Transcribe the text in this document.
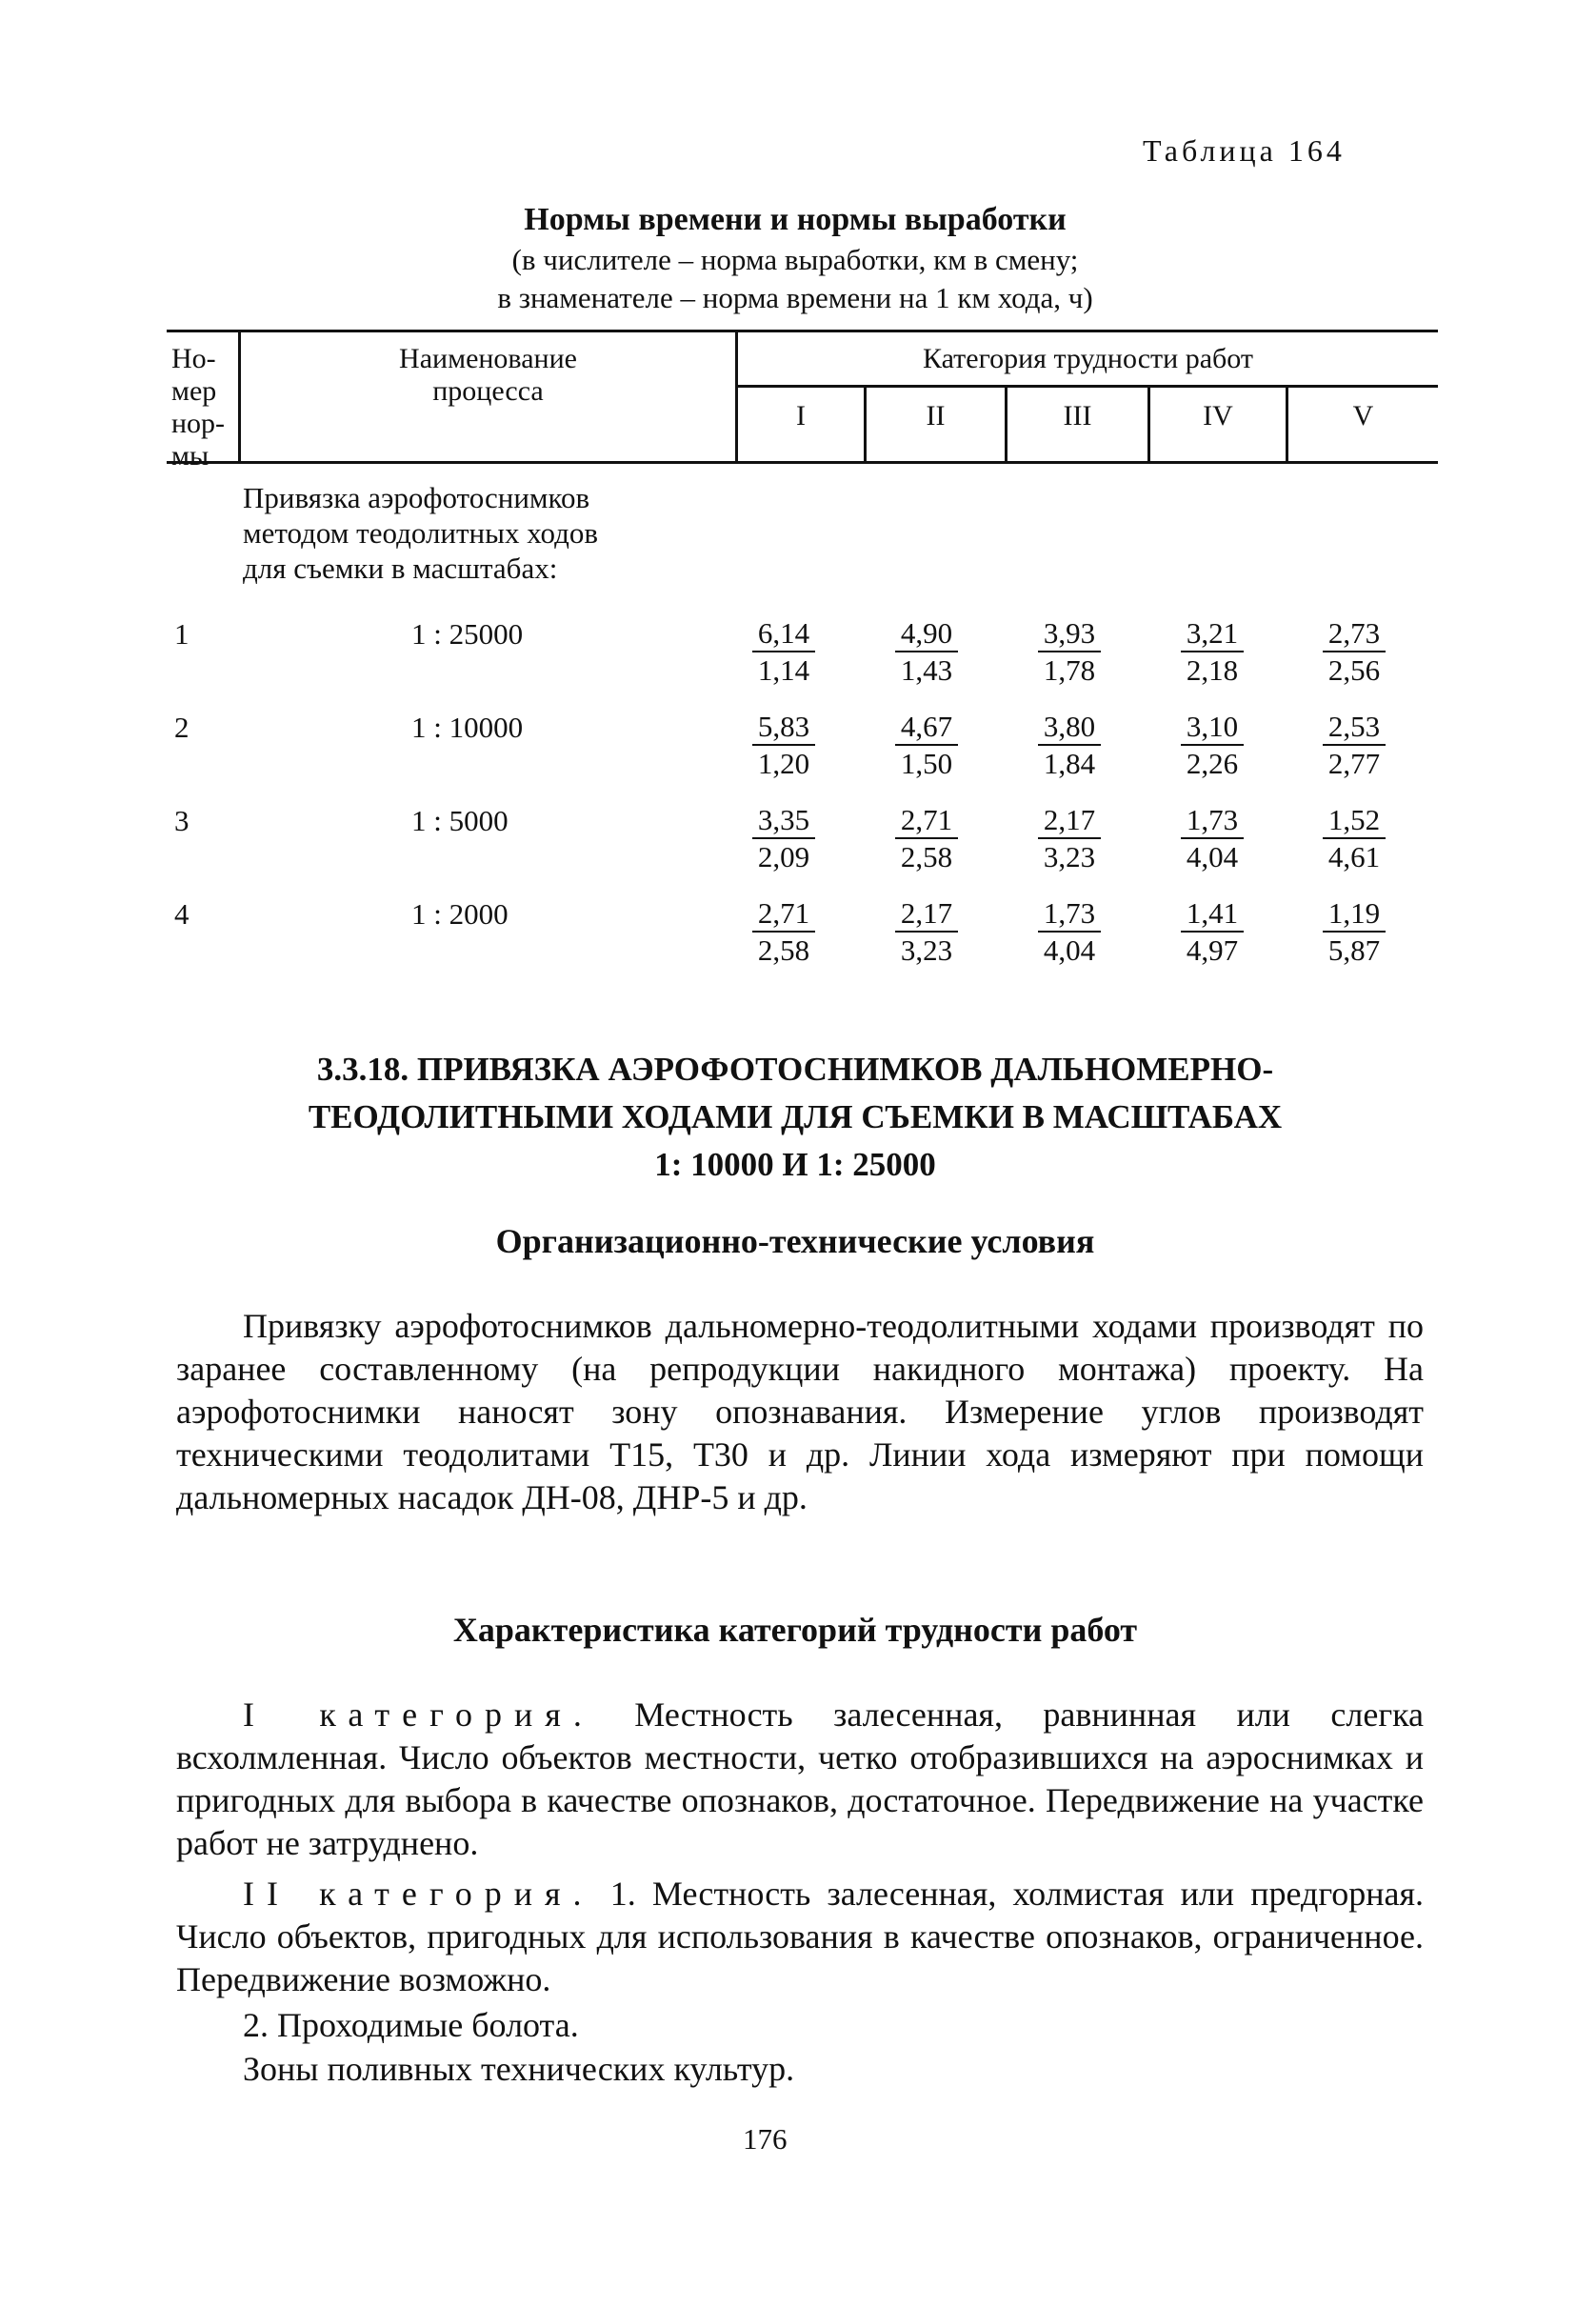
Таблица 164
Нормы времени и нормы выработки
(в числителе – норма выработки, км в смену;
в знаменателе – норма времени на 1 км хода, ч)
Но-
мер
нор-
мы
Наименование
процесса
Категория трудности работ
I	II	III	IV	V
Привязка аэрофотоснимков
методом теодолитных ходов
для съемки в масштабах:
1	1 : 25000	$\frac{6,14}{1,14} \frac{4,90}{1,43} \frac{3,93}{1,78} \frac{3,21}{2,18} \frac{2,73}{2,56}$
2	1 : 10000	$\frac{5,83}{1,20} \frac{4,67}{1,50} \frac{3,80}{1,84} \frac{3,10}{2,26} \frac{2,53}{2,77}$
3	1 : 5000	$\frac{3,35}{2,09} \frac{2,71}{2,58} \frac{2,17}{3,23} \frac{1,73}{4,04} \frac{1,52}{4,61}$
4	1 : 2000	$\frac{2,71}{2,58} \frac{2,17}{3,23} \frac{1,73}{4,04} \frac{1,41}{4,97} \frac{1,19}{5,87}$
3.3.18. ПРИВЯЗКА АЭРОФОТОСНИМКОВ ДАЛЬНОМЕРНО-
ТЕОДОЛИТНЫМИ ХОДАМИ ДЛЯ СЪЕМКИ В МАСШТАБАХ
1: 10000 И 1: 25000
Организационно-технические условия
Привязку аэрофотоснимков дальномерно-теодолитными ходами производят по заранее составленному (на репродукции накидного монтажа) проекту. На аэрофотоснимки наносят зону опознавания. Измерение углов производят техническими теодолитами Т15, Т30 и др. Линии хода измеряют при помощи дальномерных насадок ДН-08, ДНР-5 и др.
Характеристика категорий трудности работ
I категория. Местность залесенная, равнинная или слегка всхолмленная. Число объектов местности, четко отобразившихся на аэроснимках и пригодных для выбора в качестве опознаков, достаточное. Передвижение на участке работ не затруднено.
II категория. 1. Местность залесенная, холмистая или предгорная. Число объектов, пригодных для использования в качестве опознаков, ограниченное. Передвижение возможно.
2. Проходимые болота.
Зоны поливных технических культур.
176
